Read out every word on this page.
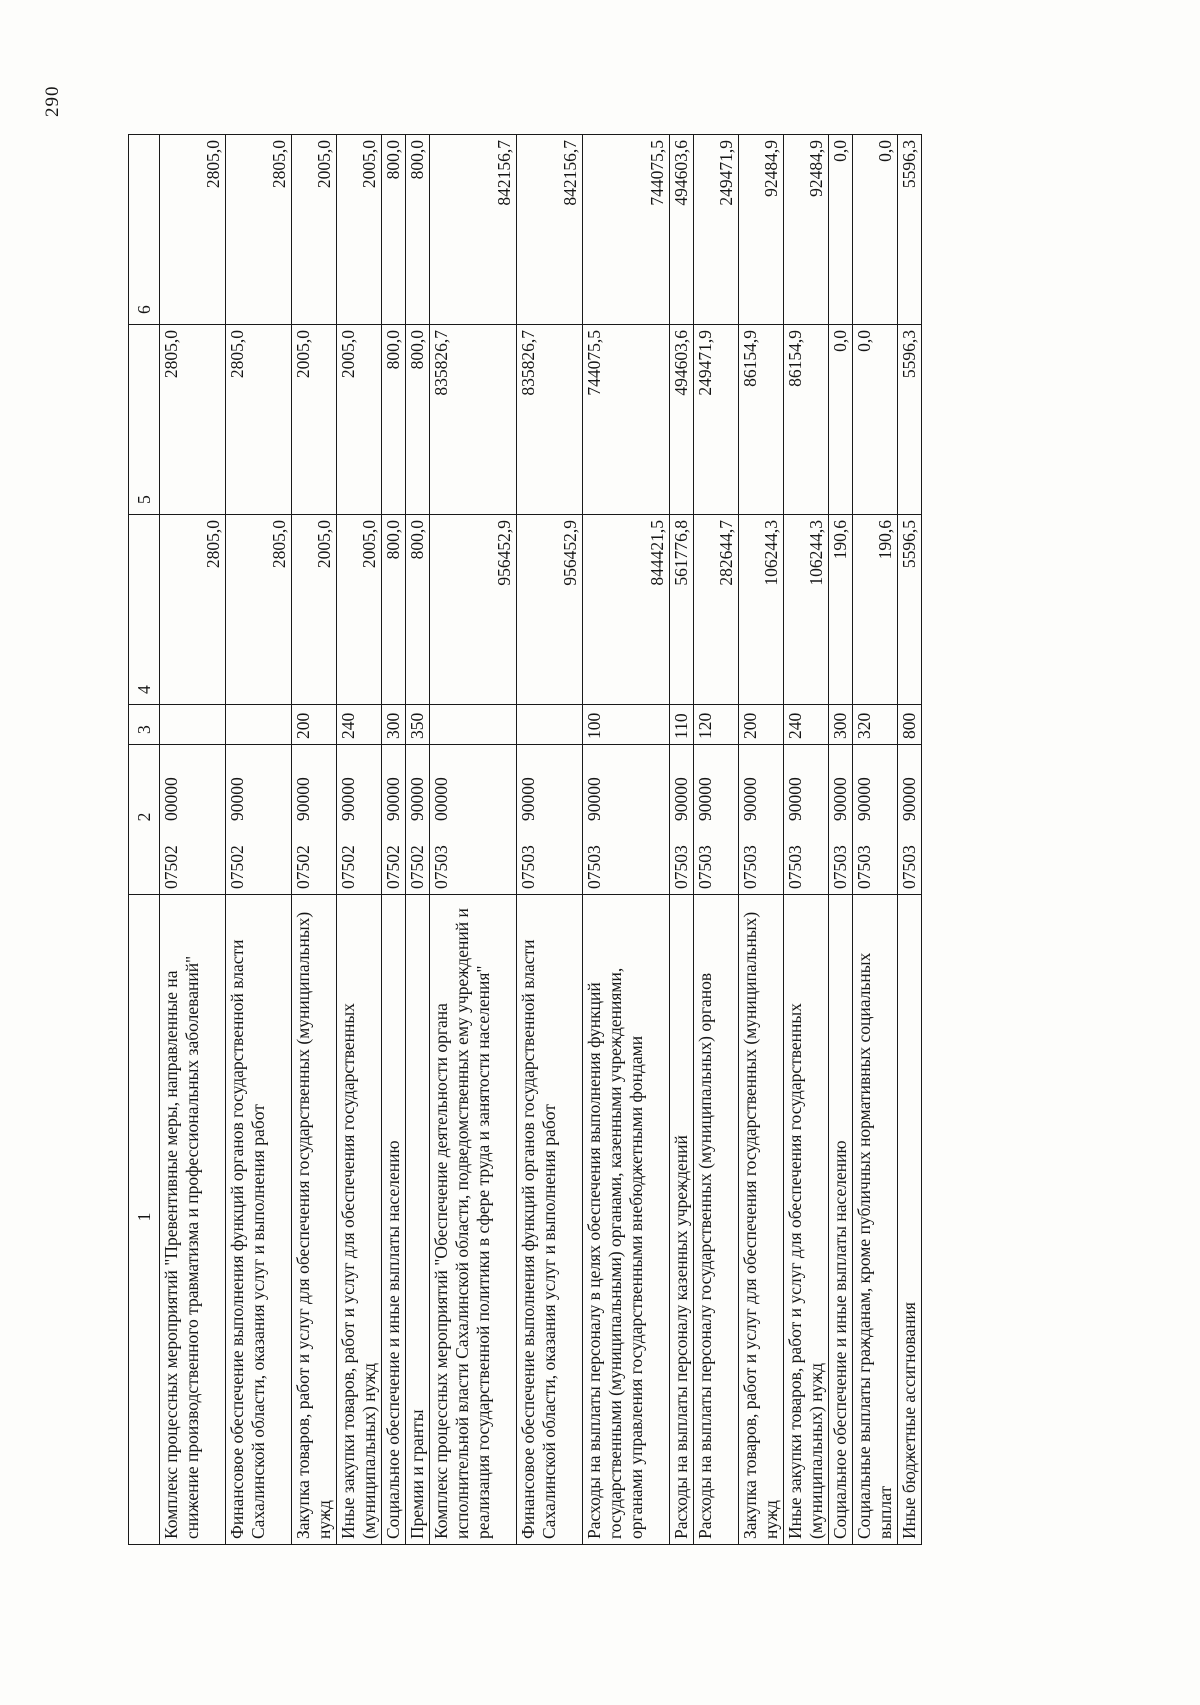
290
1	2	3	4	5	6
Комплекс процессных мероприятий "Превентивные меры, направленные на снижение производственного травматизма и профессиональных заболеваний"	0750200000		2805,0	2805,0	2805,0
Финансовое обеспечение выполнения функций органов государственной власти Сахалинской области, оказания услуг и выполнения работ	0750290000		2805,0	2805,0	2805,0
Закупка товаров, работ и услуг для обеспечения государственных (муниципальных) нужд	0750290000	200	2005,0	2005,0	2005,0
Иные закупки товаров, работ и услуг для обеспечения государственных (муниципальных) нужд	0750290000	240	2005,0	2005,0	2005,0
Социальное обеспечение и иные выплаты населению	0750290000	300	800,0	800,0	800,0
Премии и гранты	0750290000	350	800,0	800,0	800,0
Комплекс процессных мероприятий "Обеспечение деятельности органа исполнительной власти Сахалинской области, подведомственных ему учреждений и реализация государственной политики в сфере труда и занятости населения"	0750300000		956452,9	835826,7	842156,7
Финансовое обеспечение выполнения функций органов государственной власти Сахалинской области, оказания услуг и выполнения работ	0750390000		956452,9	835826,7	842156,7
Расходы на выплаты персоналу в целях обеспечения выполнения функций государственными (муниципальными) органами, казенными учреждениями, органами управления государственными внебюджетными фондами	0750390000	100	844421,5	744075,5	744075,5
Расходы на выплаты персоналу казенных учреждений	0750390000	110	561776,8	494603,6	494603,6
Расходы на выплаты персоналу государственных (муниципальных) органов	0750390000	120	282644,7	249471,9	249471,9
Закупка товаров, работ и услуг для обеспечения государственных (муниципальных) нужд	0750390000	200	106244,3	86154,9	92484,9
Иные закупки товаров, работ и услуг для обеспечения государственных (муниципальных) нужд	0750390000	240	106244,3	86154,9	92484,9
Социальное обеспечение и иные выплаты населению	0750390000	300	190,6	0,0	0,0
Социальные выплаты гражданам, кроме публичных нормативных социальных выплат	0750390000	320	190,6	0,0	0,0
Иные бюджетные ассигнования	0750390000	800	5596,5	5596,3	5596,3
